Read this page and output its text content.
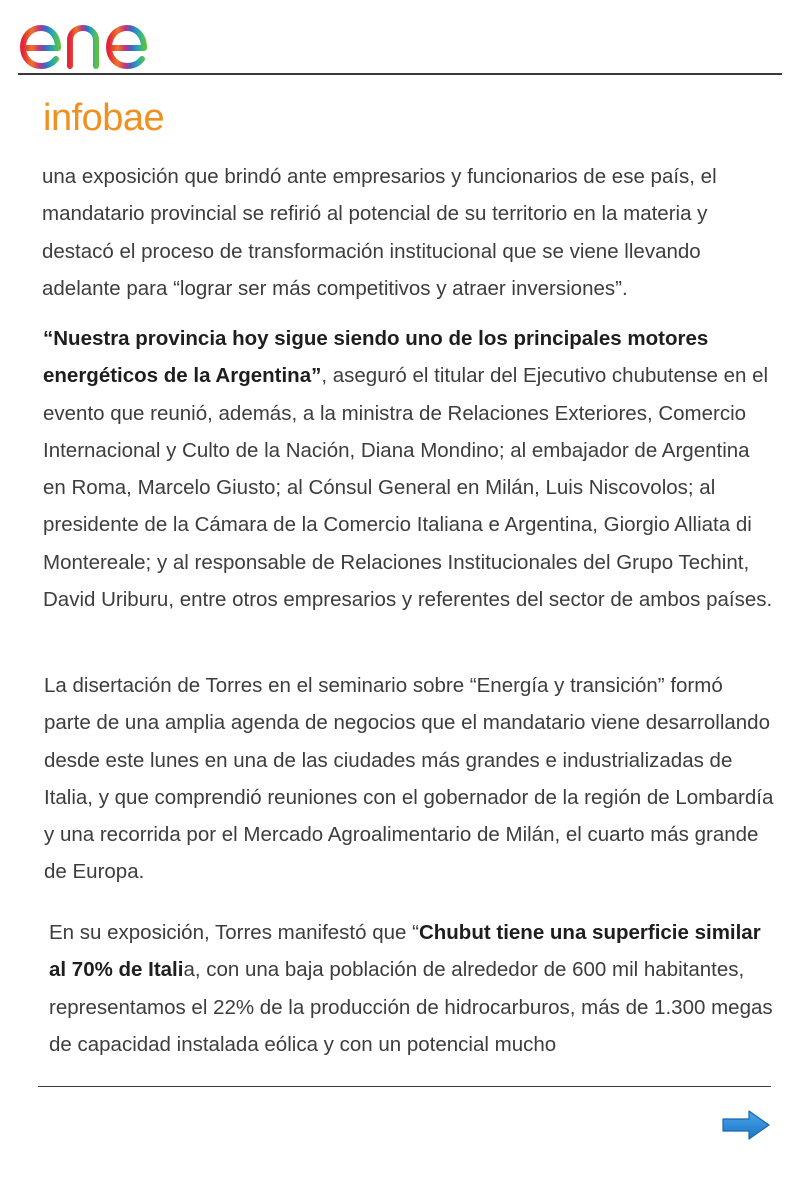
infobae

una exposición que brindó ante empresarios y funcionarios de ese país, el mandatario provincial se refirió al potencial de su territorio en la materia y destacó el proceso de transformación institucional que se viene llevando adelante para “lograr ser más competitivos y atraer inversiones”.

“Nuestra provincia hoy sigue siendo uno de los principales motores energéticos de la Argentina”, aseguró el titular del Ejecutivo chubutense en el evento que reunió, además, a la ministra de Relaciones Exteriores, Comercio Internacional y Culto de la Nación, Diana Mondino; al embajador de Argentina en Roma, Marcelo Giusto; al Cónsul General en Milán, Luis Niscovolos; al presidente de la Cámara de la Comercio Italiana e Argentina, Giorgio Alliata di Montereale; y al responsable de Relaciones Institucionales del Grupo Techint, David Uriburu, entre otros empresarios y referentes del sector de ambos países.

La disertación de Torres en el seminario sobre “Energía y transición” formó parte de una amplia agenda de negocios que el mandatario viene desarrollando desde este lunes en una de las ciudades más grandes e industrializadas de Italia, y que comprendió reuniones con el gobernador de la región de Lombardía y una recorrida por el Mercado Agroalimentario de Milán, el cuarto más grande de Europa.

En su exposición, Torres manifestó que “Chubut tiene una superficie similar al 70% de Italia, con una baja población de alrededor de 600 mil habitantes, representamos el 22% de la producción de hidrocarburos, más de 1.300 megas de capacidad instalada eólica y con un potencial mucho
